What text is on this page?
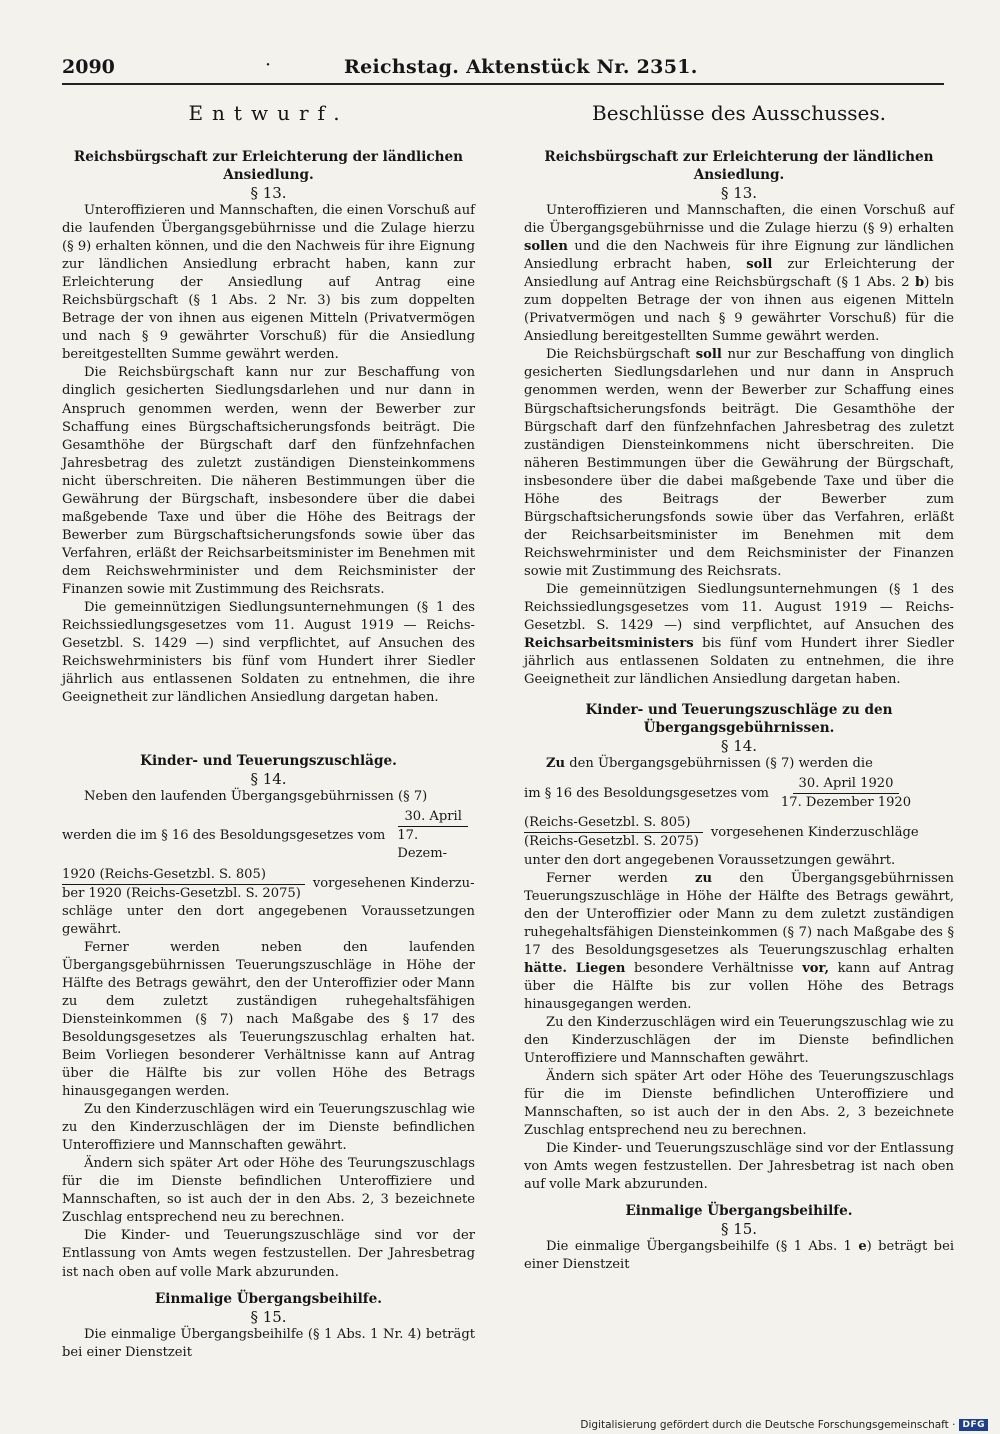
2090	·	Reichstag. Aktenstück Nr. 2351.
Entwurf.
Reichsbürgschaft zur Erleichterung der ländlichen Ansiedlung.
§ 13.

Unteroffizieren und Mannschaften, die einen Vorschuß auf die laufenden Übergangsgebührnisse und die Zulage hierzu (§ 9) erhalten können, und die den Nachweis für ihre Eignung zur ländlichen Ansiedlung erbracht haben, kann zur Erleichterung der Ansiedlung auf Antrag eine Reichsbürgschaft (§ 1 Abs. 2 Nr. 3) bis zum doppelten Betrage der von ihnen aus eigenen Mitteln (Privatvermögen und nach § 9 gewährter Vorschuß) für die Ansiedlung bereitgestellten Summe gewährt werden.

Die Reichsbürgschaft kann nur zur Beschaffung von dinglich gesicherten Siedlungsdarlehen und nur dann in Anspruch genommen werden, wenn der Bewerber zur Schaffung eines Bürgschaftsicherungsfonds beiträgt. Die Gesamthöhe der Bürgschaft darf den fünfzehnfachen Jahresbetrag des zuletzt zuständigen Diensteinkommens nicht überschreiten. Die näheren Bestimmungen über die Gewährung der Bürgschaft, insbesondere über die dabei maßgebende Taxe und über die Höhe des Beitrags der Bewerber zum Bürgschaftsicherungsfonds sowie über das Verfahren, erläßt der Reichsarbeitsminister im Benehmen mit dem Reichswehrminister und dem Reichsminister der Finanzen sowie mit Zustimmung des Reichsrats.

Die gemeinnützigen Siedlungsunternehmungen (§ 1 des Reichssiedlungsgesetzes vom 11. August 1919 — Reichs-Gesetzbl. S. 1429 —) sind verpflichtet, auf Ansuchen des Reichswehrministers bis fünf vom Hundert ihrer Siedler jährlich aus entlassenen Soldaten zu entnehmen, die ihre Geeignetheit zur ländlichen Ansiedlung dargetan haben.

Kinder- und Teuerungszuschläge.
§ 14.

Neben den laufenden Übergangsgebührnissen (§ 7)

werden die im § 16 des Besoldungsgesetzes vom $\frac{\text{30. April}}{\text{17. Dezem-}}$
$\frac{\text{1920 (Reichs-Gesetzbl. S. 805)}}{\text{ber 1920 (Reichs-Gesetzbl. S. 2075)}}$ vorgesehenen Kinderzu-
schläge unter den dort angegebenen Voraussetzungen gewährt.

Ferner werden neben den laufenden Übergangsgebührnissen Teuerungszuschläge in Höhe der Hälfte des Betrags gewährt, den der Unteroffizier oder Mann zu dem zuletzt zuständigen ruhegehaltsfähigen Diensteinkommen (§ 7) nach Maßgabe des § 17 des Besoldungsgesetzes als Teuerungszuschlag erhalten hat. Beim Vorliegen besonderer Verhältnisse kann auf Antrag über die Hälfte bis zur vollen Höhe des Betrags hinausgegangen werden.

Zu den Kinderzuschlägen wird ein Teuerungszuschlag wie zu den Kinderzuschlägen der im Dienste befindlichen Unteroffiziere und Mannschaften gewährt.

Ändern sich später Art oder Höhe des Teurungszuschlags für die im Dienste befindlichen Unteroffiziere und Mannschaften, so ist auch der in den Abs. 2, 3 bezeichnete Zuschlag entsprechend neu zu berechnen.

Die Kinder- und Teuerungszuschläge sind vor der Entlassung von Amts wegen festzustellen. Der Jahresbetrag ist nach oben auf volle Mark abzurunden.

Einmalige Übergangsbeihilfe.
§ 15.

Die einmalige Übergangsbeihilfe (§ 1 Abs. 1 Nr. 4) beträgt bei einer Dienstzeit

Beschlüsse des Ausschusses.
Reichsbürgschaft zur Erleichterung der ländlichen Ansiedlung.
§ 13.

Unteroffizieren und Mannschaften, die einen Vorschuß auf die Übergangsgebührnisse und die Zulage hierzu (§ 9) erhalten sollen und die den Nachweis für ihre Eignung zur ländlichen Ansiedlung erbracht haben, soll zur Erleichterung der Ansiedlung auf Antrag eine Reichsbürgschaft (§ 1 Abs. 2 b) bis zum doppelten Betrage der von ihnen aus eigenen Mitteln (Privatvermögen und nach § 9 gewährter Vorschuß) für die Ansiedlung bereitgestellten Summe gewährt werden.

Die Reichsbürgschaft soll nur zur Beschaffung von dinglich gesicherten Siedlungsdarlehen und nur dann in Anspruch genommen werden, wenn der Bewerber zur Schaffung eines Bürgschaftsicherungsfonds beiträgt. Die Gesamthöhe der Bürgschaft darf den fünfzehnfachen Jahresbetrag des zuletzt zuständigen Diensteinkommens nicht überschreiten. Die näheren Bestimmungen über die Gewährung der Bürgschaft, insbesondere über die dabei maßgebende Taxe und über die Höhe des Beitrags der Bewerber zum Bürgschaftsicherungsfonds sowie über das Verfahren, erläßt der Reichsarbeitsminister im Benehmen mit dem Reichswehrminister und dem Reichsminister der Finanzen sowie mit Zustimmung des Reichsrats.

Die gemeinnützigen Siedlungsunternehmungen (§ 1 des Reichssiedlungsgesetzes vom 11. August 1919 — Reichs-Gesetzbl. S. 1429 —) sind verpflichtet, auf Ansuchen des Reichsarbeitsministers bis fünf vom Hundert ihrer Siedler jährlich aus entlassenen Soldaten zu entnehmen, die ihre Geeignetheit zur ländlichen Ansiedlung dargetan haben.

Kinder- und Teuerungszuschläge zu den Übergangsgebührnissen.
§ 14.

Zu den Übergangsgebührnissen (§ 7) werden die

im § 16 des Besoldungsgesetzes vom $\frac{\text{30. April 1920}}{\text{17. Dezember 1920}}$
$\frac{\text{(Reichs-Gesetzbl. S. 805)}}{\text{(Reichs-Gesetzbl. S. 2075)}}$ vorgesehenen Kinderzuschläge
unter den dort angegebenen Voraussetzungen gewährt.

Ferner werden zu den Übergangsgebührnissen Teuerungszuschläge in Höhe der Hälfte des Betrags gewährt, den der Unteroffizier oder Mann zu dem zuletzt zuständigen ruhegehaltsfähigen Diensteinkommen (§ 7) nach Maßgabe des § 17 des Besoldungsgesetzes als Teuerungszuschlag erhalten hätte. Liegen besondere Verhältnisse vor, kann auf Antrag über die Hälfte bis zur vollen Höhe des Betrags hinausgegangen werden.

Zu den Kinderzuschlägen wird ein Teuerungszuschlag wie zu den Kinderzuschlägen der im Dienste befindlichen Unteroffiziere und Mannschaften gewährt.

Ändern sich später Art oder Höhe des Teuerungszuschlags für die im Dienste befindlichen Unteroffiziere und Mannschaften, so ist auch der in den Abs. 2, 3 bezeichnete Zuschlag entsprechend neu zu berechnen.

Die Kinder- und Teuerungszuschläge sind vor der Entlassung von Amts wegen festzustellen. Der Jahresbetrag ist nach oben auf volle Mark abzurunden.

Einmalige Übergangsbeihilfe.
§ 15.

Die einmalige Übergangsbeihilfe (§ 1 Abs. 1 e) beträgt bei einer Dienstzeit

Digitalisierung gefördert durch die Deutsche Forschungsgemeinschaft · DFG
